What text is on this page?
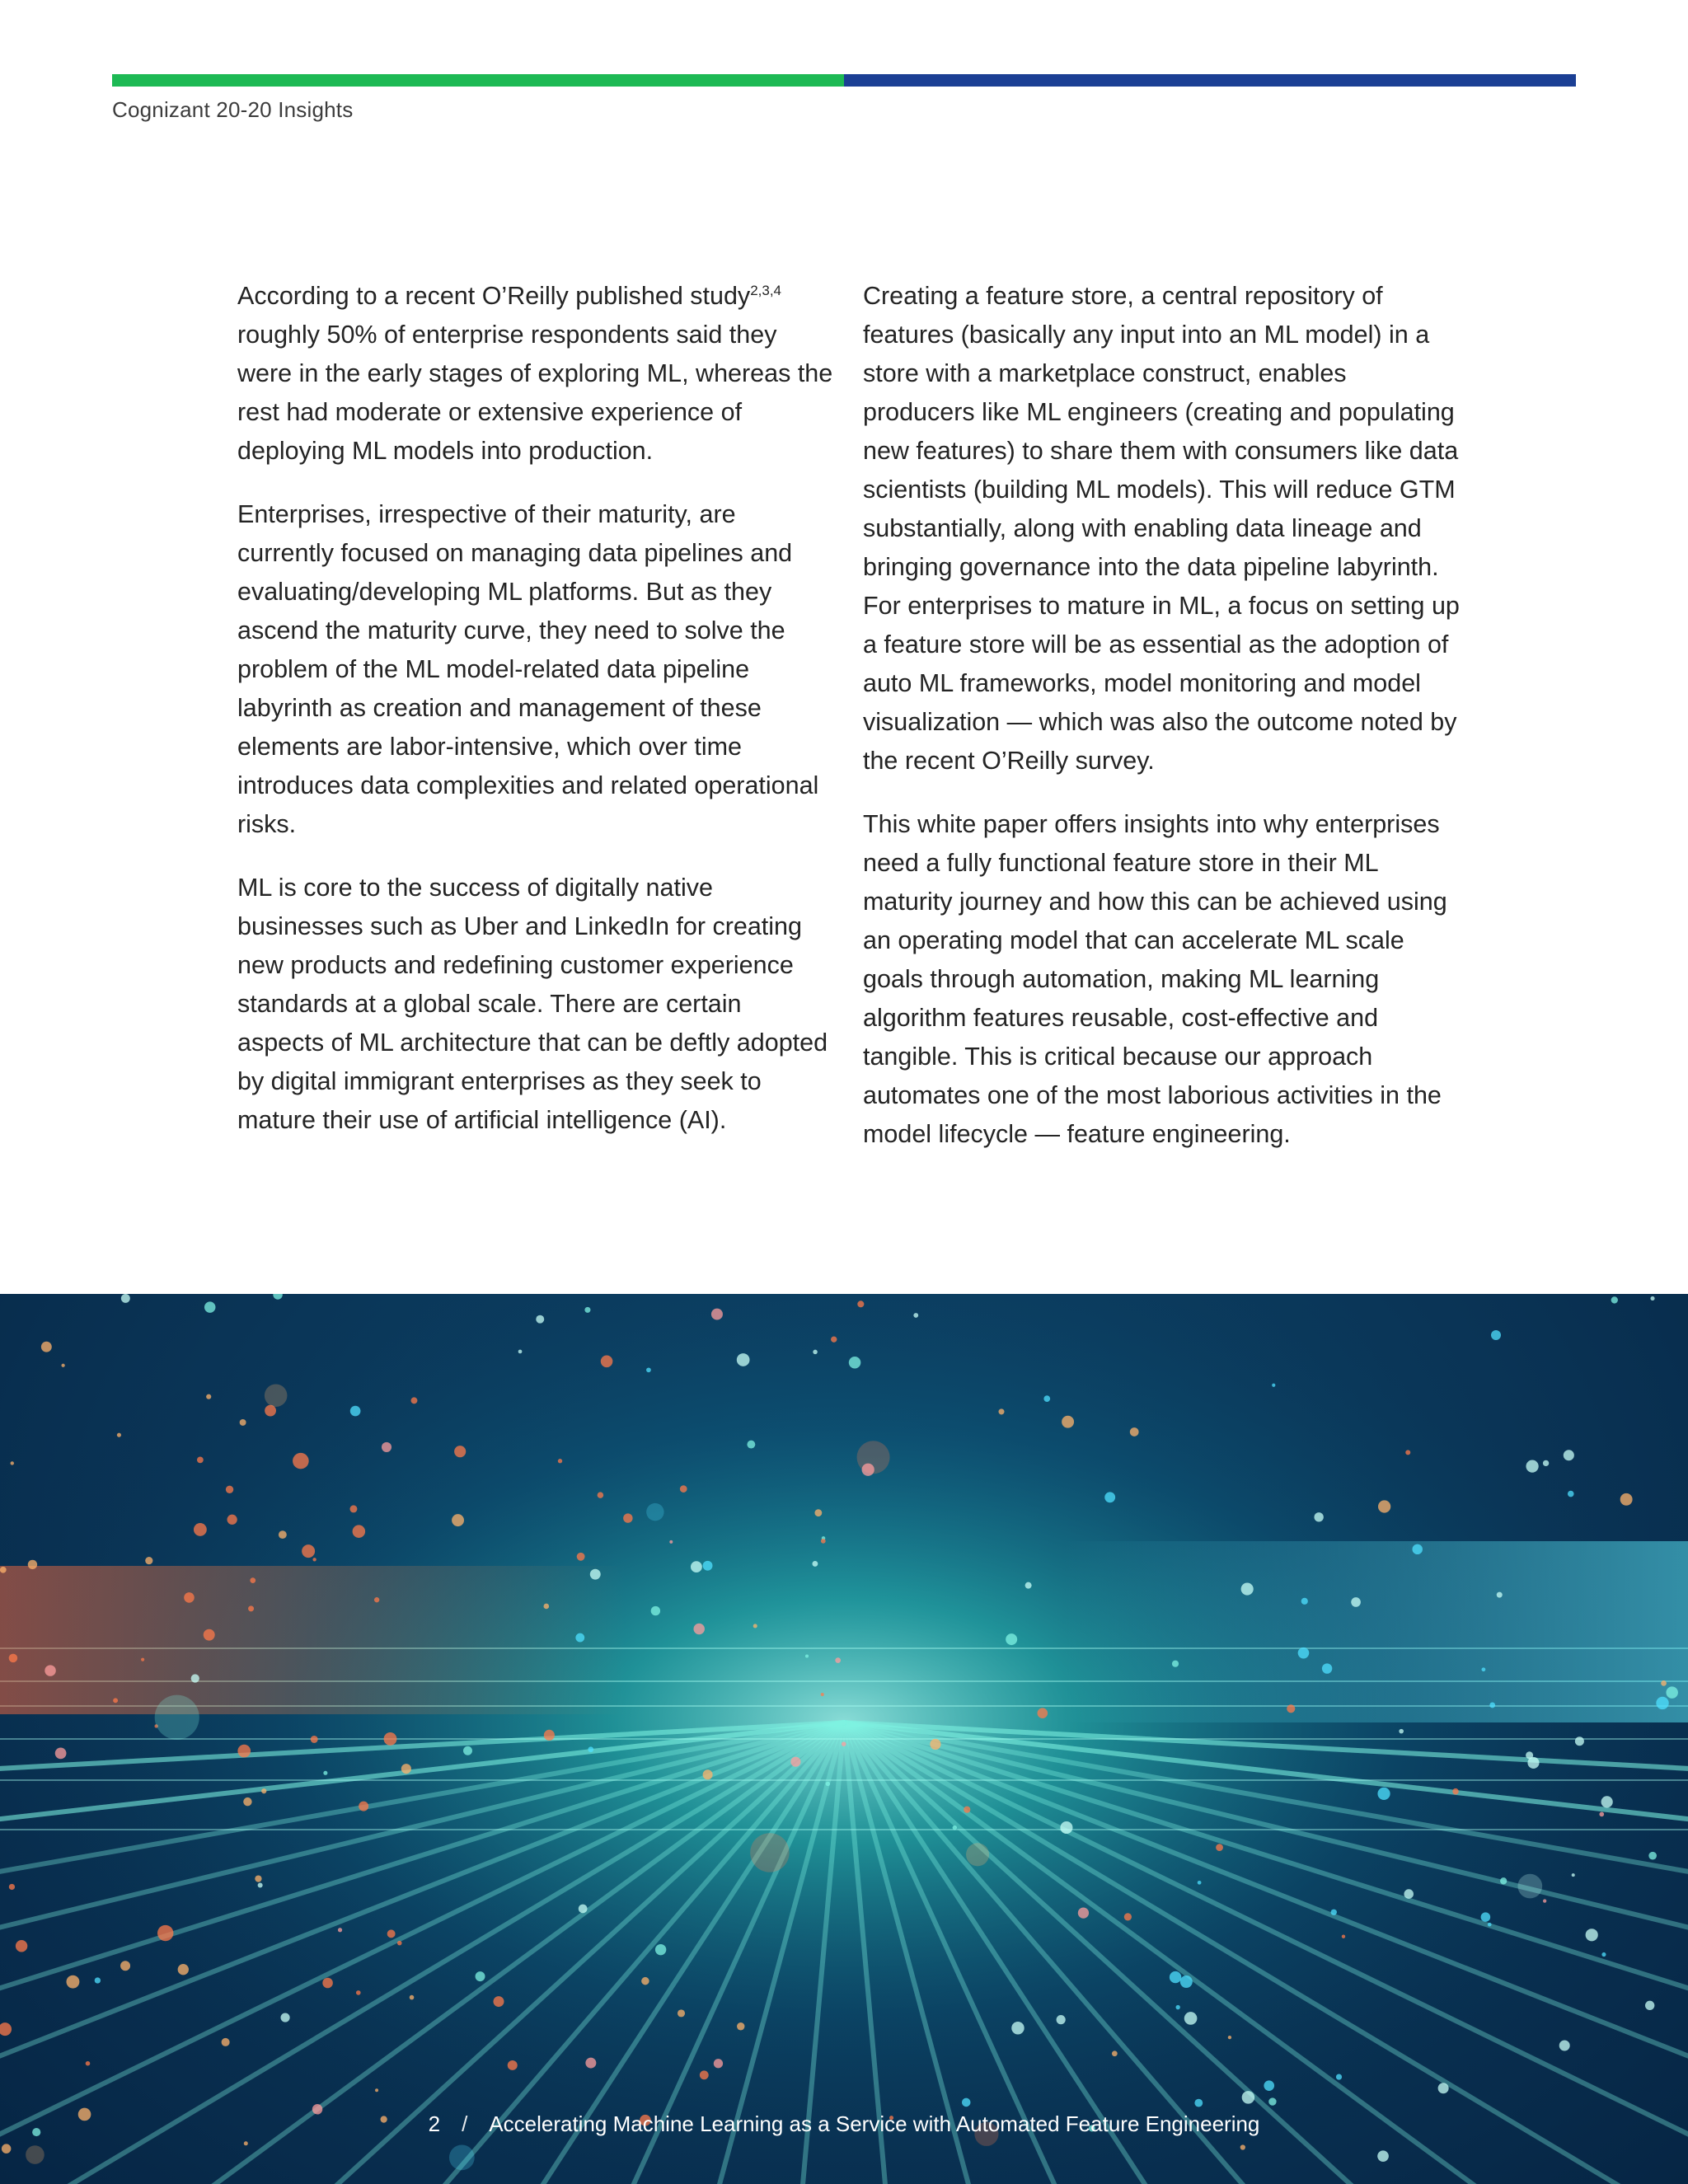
Cognizant 20-20 Insights

According to a recent O’Reilly published study$^{2,3,4}$ roughly 50% of enterprise respondents said they were in the early stages of exploring ML, whereas the rest had moderate or extensive experience of deploying ML models into production.

Enterprises, irrespective of their maturity, are currently focused on managing data pipelines and evaluating/developing ML platforms. But as they ascend the maturity curve, they need to solve the problem of the ML model-related data pipeline labyrinth as creation and management of these elements are labor-intensive, which over time introduces data complexities and related operational risks.

ML is core to the success of digitally native businesses such as Uber and LinkedIn for creating new products and redefining customer experience standards at a global scale. There are certain aspects of ML architecture that can be deftly adopted by digital immigrant enterprises as they seek to mature their use of artificial intelligence (AI).

Creating a feature store, a central repository of features (basically any input into an ML model) in a store with a marketplace construct, enables producers like ML engineers (creating and populating new features) to share them with consumers like data scientists (building ML models). This will reduce GTM substantially, along with enabling data lineage and bringing governance into the data pipeline labyrinth. For enterprises to mature in ML, a focus on setting up a feature store will be as essential as the adoption of auto ML frameworks, model monitoring and model visualization — which was also the outcome noted by the recent O’Reilly survey.

This white paper offers insights into why enterprises need a fully functional feature store in their ML maturity journey and how this can be achieved using an operating model that can accelerate ML scale goals through automation, making ML learning algorithm features reusable, cost-effective and tangible. This is critical because our approach automates one of the most laborious activities in the model lifecycle — feature engineering.

2 / Accelerating Machine Learning as a Service with Automated Feature Engineering
